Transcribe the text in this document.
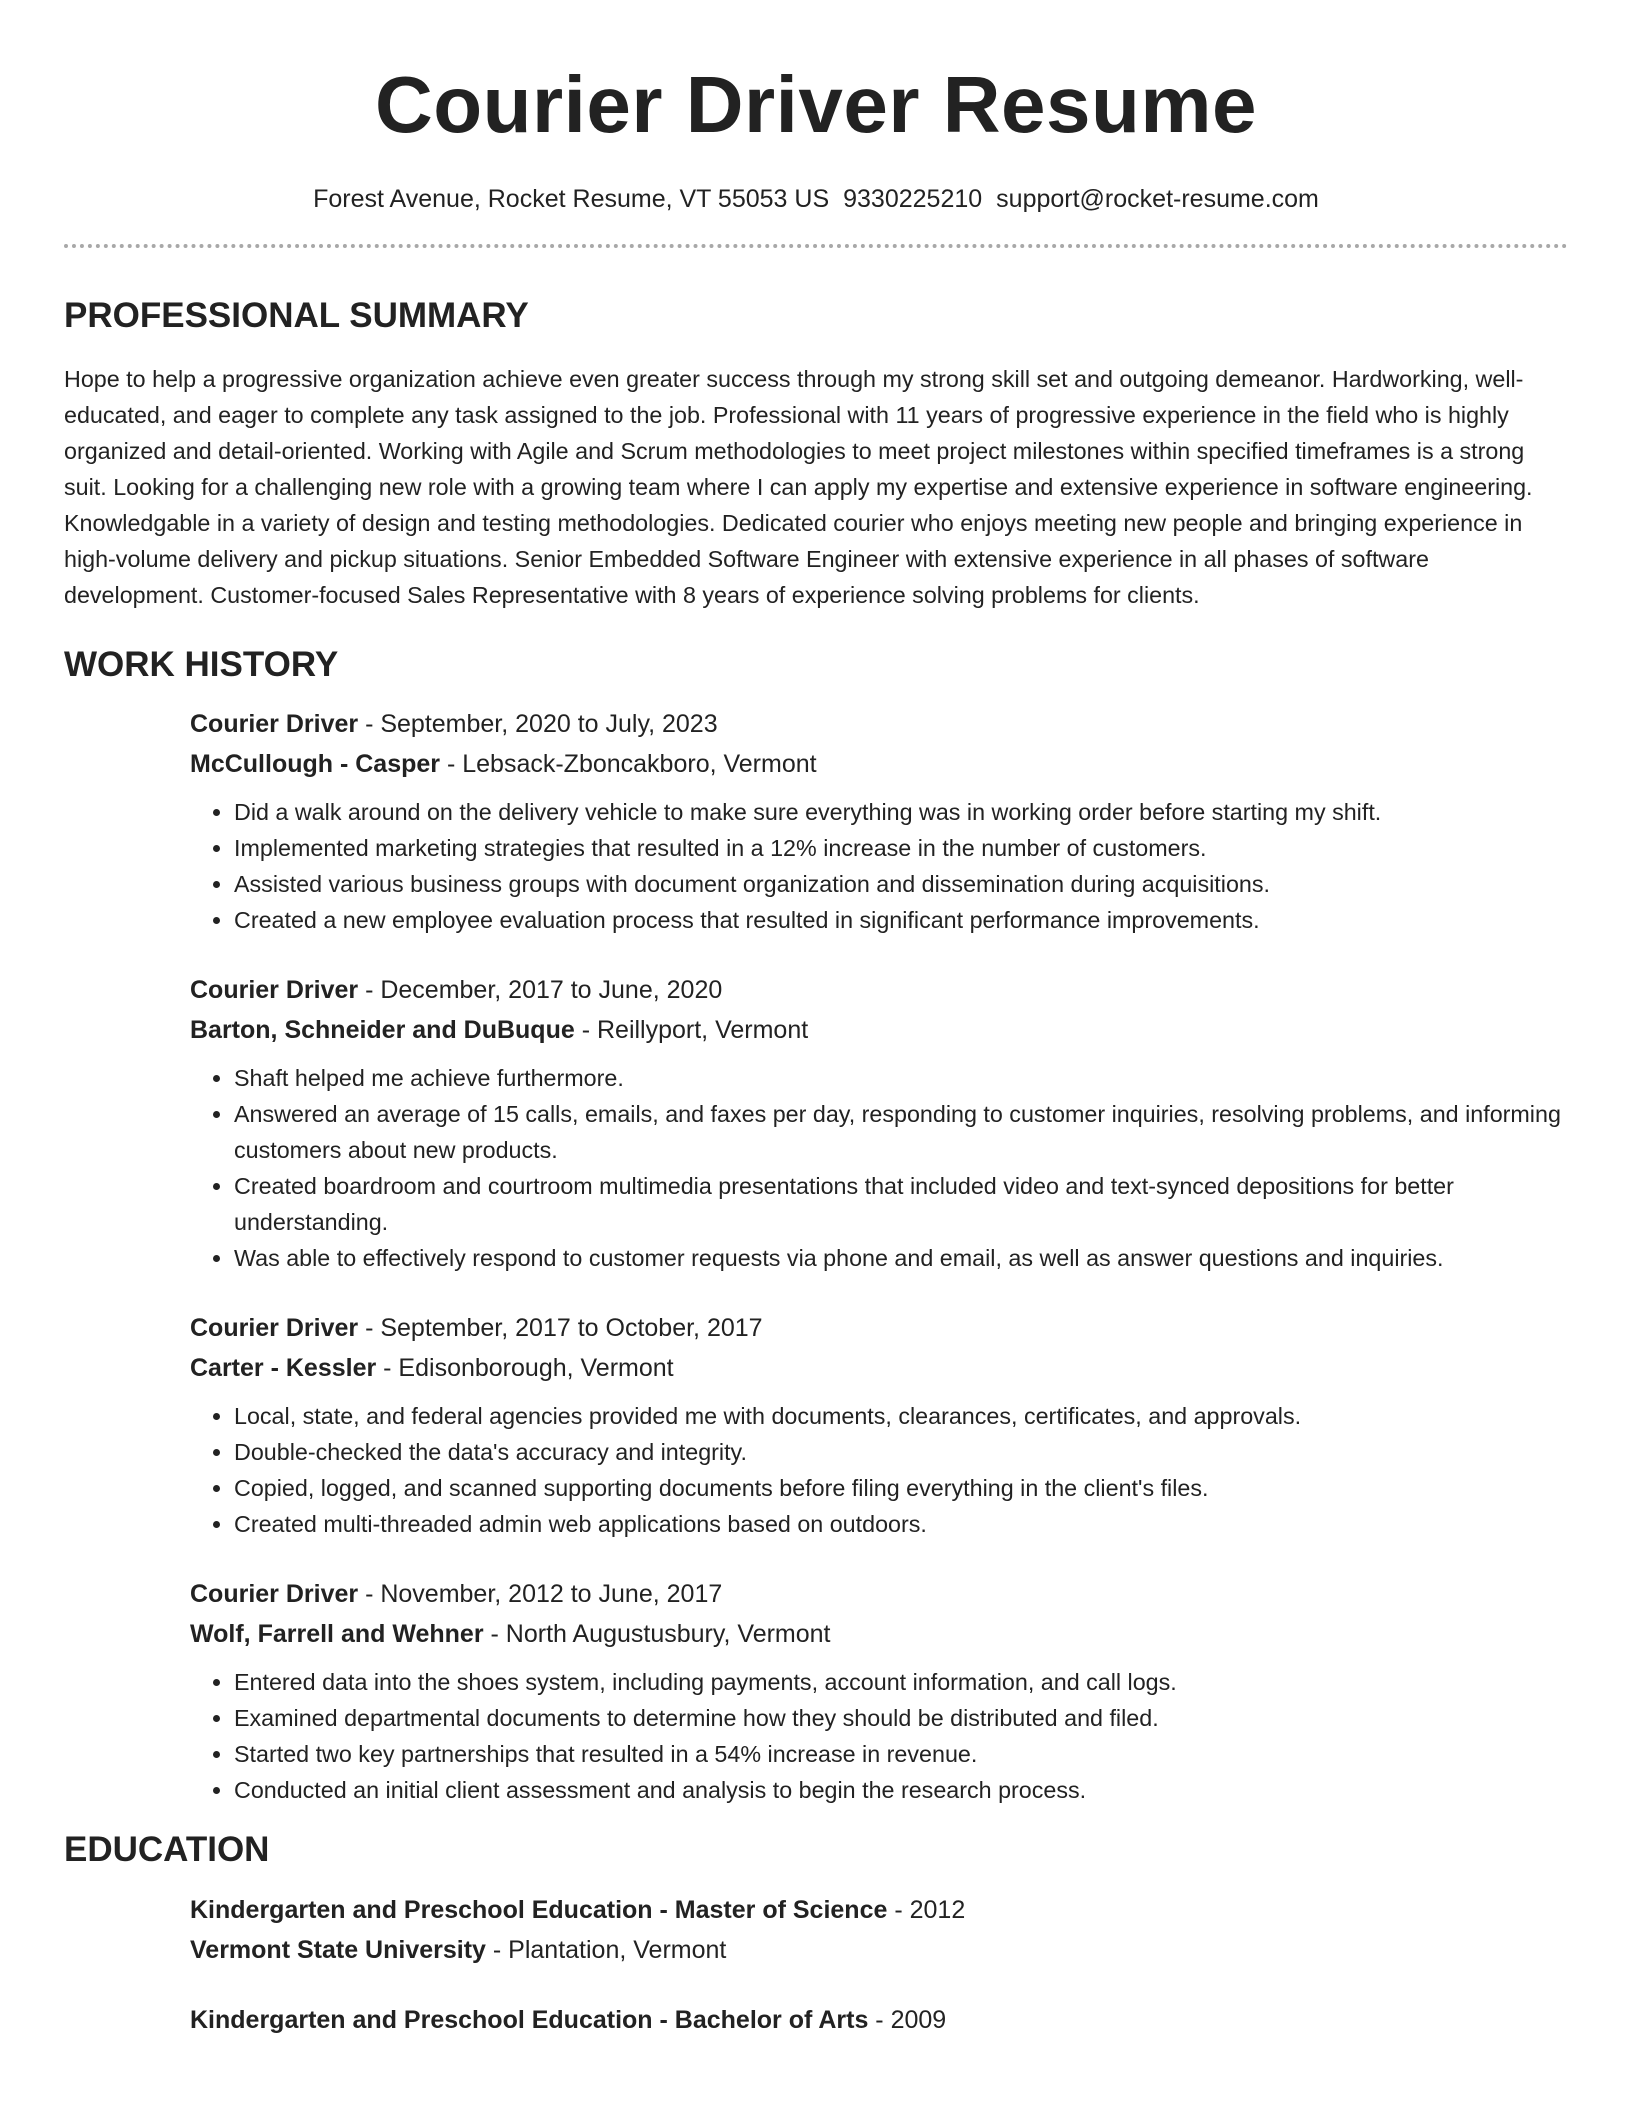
Courier Driver Resume
Forest Avenue, Rocket Resume, VT 55053 US 9330225210 support@rocket-resume.com
PROFESSIONAL SUMMARY

Hope to help a progressive organization achieve even greater success through my strong skill set and outgoing demeanor. Hardworking, well-educated, and eager to complete any task assigned to the job. Professional with 11 years of progressive experience in the field who is highly organized and detail-oriented. Working with Agile and Scrum methodologies to meet project milestones within specified timeframes is a strong suit. Looking for a challenging new role with a growing team where I can apply my expertise and extensive experience in software engineering. Knowledgable in a variety of design and testing methodologies. Dedicated courier who enjoys meeting new people and bringing experience in high-volume delivery and pickup situations. Senior Embedded Software Engineer with extensive experience in all phases of software development. Customer-focused Sales Representative with 8 years of experience solving problems for clients.

WORK HISTORY
Courier Driver - September, 2020 to July, 2023
McCullough - Casper - Lebsack-Zboncakboro, Vermont
• Did a walk around on the delivery vehicle to make sure everything was in working order before starting my shift.
• Implemented marketing strategies that resulted in a 12% increase in the number of customers.
• Assisted various business groups with document organization and dissemination during acquisitions.
• Created a new employee evaluation process that resulted in significant performance improvements.
Courier Driver - December, 2017 to June, 2020
Barton, Schneider and DuBuque - Reillyport, Vermont
• Shaft helped me achieve furthermore.
• Answered an average of 15 calls, emails, and faxes per day, responding to customer inquiries, resolving problems, and informing customers about new products.
• Created boardroom and courtroom multimedia presentations that included video and text-synced depositions for better understanding.
• Was able to effectively respond to customer requests via phone and email, as well as answer questions and inquiries.
Courier Driver - September, 2017 to October, 2017
Carter - Kessler - Edisonborough, Vermont
• Local, state, and federal agencies provided me with documents, clearances, certificates, and approvals.
• Double-checked the data's accuracy and integrity.
• Copied, logged, and scanned supporting documents before filing everything in the client's files.
• Created multi-threaded admin web applications based on outdoors.
Courier Driver - November, 2012 to June, 2017
Wolf, Farrell and Wehner - North Augustusbury, Vermont
• Entered data into the shoes system, including payments, account information, and call logs.
• Examined departmental documents to determine how they should be distributed and filed.
• Started two key partnerships that resulted in a 54% increase in revenue.
• Conducted an initial client assessment and analysis to begin the research process.
EDUCATION
Kindergarten and Preschool Education - Master of Science - 2012
Vermont State University - Plantation, Vermont
Kindergarten and Preschool Education - Bachelor of Arts - 2009
